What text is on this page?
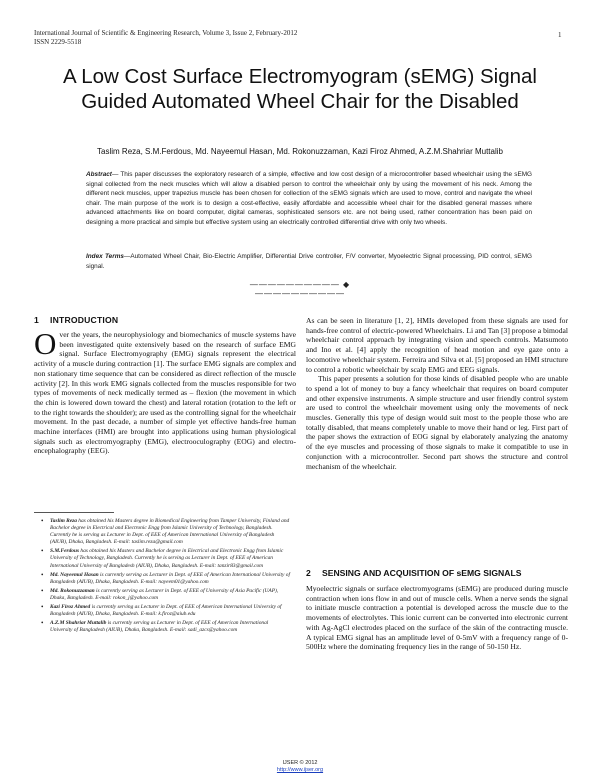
International Journal of Scientific & Engineering Research, Volume 3, Issue 2, February-2012
ISSN 2229-5518
1
A Low Cost Surface Electromyogram (sEMG) Signal Guided Automated Wheel Chair for the Disabled
Taslim Reza, S.M.Ferdous, Md. Nayeemul Hasan, Md. Rokonuzzaman, Kazi Firoz Ahmed, A.Z.M.Shahriar Muttalib
Abstract— This paper discusses the exploratory research of a simple, effective and low cost design of a microcontroller based wheelchair using the sEMG signal collected from the neck muscles which will allow a disabled person to control the wheelchair only by using the movement of his neck. Among the different neck muscles, upper trapezius muscle has been chosen for collection of the sEMG signals which are used to move, control and navigate the wheel chair. The main purpose of the work is to design a cost-effective, easily affordable and accessible wheel chair for the disabled general masses where advanced attachments like on board computer, digital cameras, sophisticated sensors etc. are not being used, rather concentration has been paid on designing a more practical and simple but effective system using an electrically controlled differential drive with only two wheels.
Index Terms—Automated Wheel Chair, Bio-Electric Amplifier, Differential Drive controller, F/V converter, Myoelectric Signal processing, PID control, sEMG signal.
—————————— ◆ ——————————
1 INTRODUCTION

Over the years, the neurophysiology and biomechanics of muscle systems have been investigated quite extensively based on the research of surface EMG signal. Surface Electromyography (EMG) signals represent the electrical activity of a muscle during contraction [1]. The surface EMG signals are complex and non stationary time sequence that can be considered as direct reflection of the muscle activity [2]. In this work EMG signals collected from the muscles responsible for two types of movements of neck medically termed as – flexion (the movement in which the chin is lowered down toward the chest) and lateral rotation (rotation to the left or to the right towards the shoulder); are used as the controlling signal for the wheelchair movement. In the past decade, a number of simple yet effective hands-free human machine interfaces (HMI) are brought into applications using human physiological signals such as electromyography (EMG), electrooculography (EOG) and electro-encephalography (EEG).

• Taslim Reza has obtained his Masters degree in Biomedical Engineering from Tamper University, Finland and Bachelor degree in Electrical and Electronic Engg from Islamic University of Technology, Bangladesh. Currently he is serving as Lecturer in Dept. of EEE of American International University of Bangladesh (AIUB), Dhaka, Bangladesh. E-mail: taslim.reza@gmail.com
• S.M.Ferdous has obtained his Masters and Bachelor degree in Electrical and Electronic Engg from Islamic University of Technology, Bangladesh. Currently he is serving as Lecturer in Dept. of EEE of American International University of Bangladesh (AIUB), Dhaka, Bangladesh. E-mail: tanzir83@gmail.com
• Md. Nayeemul Hasan is currently serving as Lecturer in Dept. of EEE of American International University of Bangladesh (AIUB), Dhaka, Bangladesh. E-mail: nayeem01@yahoo.com
• Md. Rokonuzzaman is currently serving as Lecturer in Dept. of EEE of University of Asia Pacific (UAP), Dhaka, Bangladesh. E-mail: rokon_j@yahoo.com
• Kazi Firoz Ahmed is currently serving as Lecturer in Dept. of EEE of American International University of Bangladesh (AIUB), Dhaka, Bangladesh. E-mail: k.firoz@aiub.edu
• A.Z.M Shahriar Muttalib is currently serving as Lecturer in Dept. of EEE of American International University of Bangladesh (AIUB), Dhaka, Bangladesh. E-mail: sadi_azcs@yahoo.com

As can be seen in literature [1, 2], HMIs developed from these signals are used for hands-free control of electric-powered Wheelchairs. Li and Tan [3] propose a bimodal wheelchair control approach by integrating vision and speech controls. Matsumoto and Ino et al. [4] apply the recognition of head motion and eye gaze onto a locomotive wheelchair system. Ferreira and Silva et al. [5] proposed an HMI structure to control a robotic wheelchair by scalp EMG and EEG signals.

This paper presents a solution for those kinds of disabled people who are unable to spend a lot of money to buy a fancy wheelchair that requires on board computer and other expensive instruments. A simple structure and user friendly control system are used to control the wheelchair movement using only the movements of neck muscles. Generally this type of design would suit most to the people those who are totally disabled, that means completely unable to move their hand or leg. First part of the paper shows the extraction of EOG signal by elaborately analyzing the anatomy of the eye muscles and processing of those signals to make it compatible to use in conjunction with a microcontroller. Second part shows the structure and control mechanism of the wheelchair.

2 SENSING AND ACQUISITION OF sEMG SIGNALS
Myoelectric signals or surface electromyograms (sEMG) are produced during muscle contraction when ions flow in and out of muscle cells. When a nerve sends the signal to initiate muscle contraction a potential is developed across the muscle due to the movements of electrolytes. This ionic current can be converted into electronic current with Ag-AgCl electrodes placed on the surface of the skin of the contracting muscle. A typical EMG signal has an amplitude level of 0-5mV with a frequency range of 0-500Hz where the dominating frequency lies in the range of 50-150 Hz.
IJSER © 2012
http://www.ijser.org
